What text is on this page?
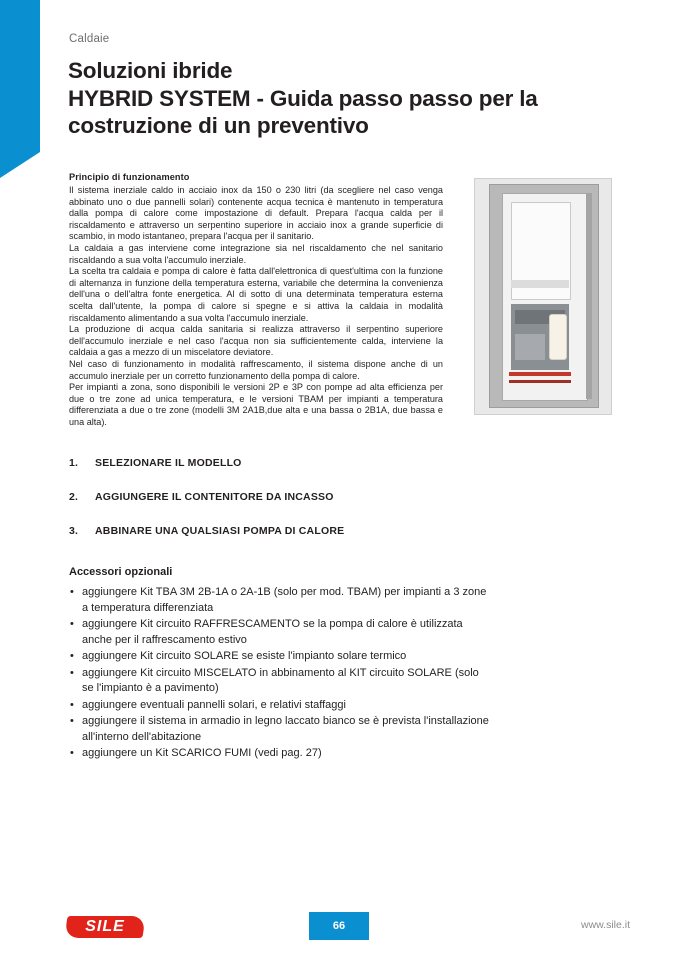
Caldaie
Soluzioni ibride
HYBRID SYSTEM - Guida passo passo per la
costruzione di un preventivo

Principio di funzionamento

Il sistema inerziale caldo in acciaio inox da 150 o 230 litri (da scegliere nel caso venga abbinato uno o due pannelli solari) contenente acqua tecnica è mantenuto in temperatura dalla pompa di calore come impostazione di default. Prepara l'acqua calda per il riscaldamento e attraverso un serpentino superiore in acciaio inox a grande superficie di scambio, in modo istantaneo, prepara l'acqua per il sanitario.

La caldaia a gas interviene come integrazione sia nel riscaldamento che nel sanitario riscaldando a sua volta l'accumulo inerziale.

La scelta tra caldaia e pompa di calore è fatta dall'elettronica di quest'ultima con la funzione di alternanza in funzione della temperatura esterna, variabile che determina la convenienza dell'una o dell'altra fonte energetica. Al di sotto di una determinata temperatura esterna scelta dall'utente, la pompa di calore si spegne e si attiva la caldaia in modalità riscaldamento alimentando a sua volta l'accumulo inerziale.

La produzione di acqua calda sanitaria si realizza attraverso il serpentino superiore dell'accumulo inerziale e nel caso l'acqua non sia sufficientemente calda, interviene la caldaia a gas a mezzo di un miscelatore deviatore.

Nel caso di funzionamento in modalità raffrescamento, il sistema dispone anche di un accumulo inerziale per un corretto funzionamento della pompa di calore.

Per impianti a zona, sono disponibili le versioni 2P e 3P con pompe ad alta efficienza per due o tre zone ad unica temperatura, e le versioni TBAM per impianti a temperatura differenziata a due o tre zone (modelli 3M 2A1B,due alta e una bassa o 2B1A, due bassa e una alta).

1. SELEZIONARE IL MODELLO
2. AGGIUNGERE IL CONTENITORE DA INCASSO
3. ABBINARE UNA QUALSIASI POMPA DI CALORE
Accessori opzionali
• aggiungere Kit TBA 3M 2B-1A o 2A-1B (solo per mod. TBAM) per impianti a 3 zone a temperatura differenziata
• aggiungere Kit circuito RAFFRESCAMENTO se la pompa di calore è utilizzata anche per il raffrescamento estivo
• aggiungere Kit circuito SOLARE se esiste l'impianto solare termico
• aggiungere Kit circuito MISCELATO in abbinamento al KIT circuito SOLARE (solo se l'impianto è a pavimento)
• aggiungere eventuali pannelli solari, e relativi staffaggi
• aggiungere il sistema in armadio in legno laccato bianco se è prevista l'installazione all'interno dell'abitazione
• aggiungere un Kit SCARICO FUMI (vedi pag. 27)
SILE	66	www.sile.it
